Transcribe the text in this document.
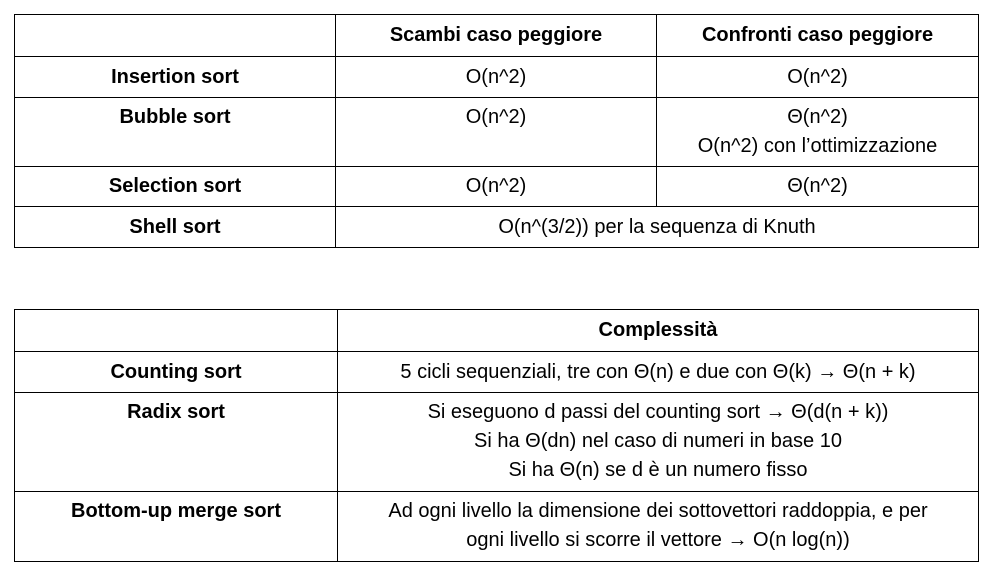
	Scambi caso peggiore	Confronti caso peggiore
Insertion sort	O(n^2)	O(n^2)

Bubble sort	O(n^2)	Θ(n^2)
O(n^2) con l’ottimizzazione

Selection sort	O(n^2)	Θ(n^2)

Shell sort	O(n^(3/2)) per la sequenza di Knuth	
	Complessità
Counting sort	5 cicli sequenziali, tre con Θ(n) e due con Θ(k) → Θ(n + k)

Radix sort	Si eseguono d passi del counting sort → Θ(d(n + k))
Si ha Θ(dn) nel caso di numeri in base 10
Si ha Θ(n) se d è un numero fisso

Bottom-up merge sort	Ad ogni livello la dimensione dei sottovettori raddoppia, e per
ogni livello si scorre il vettore → O(n log(n))
